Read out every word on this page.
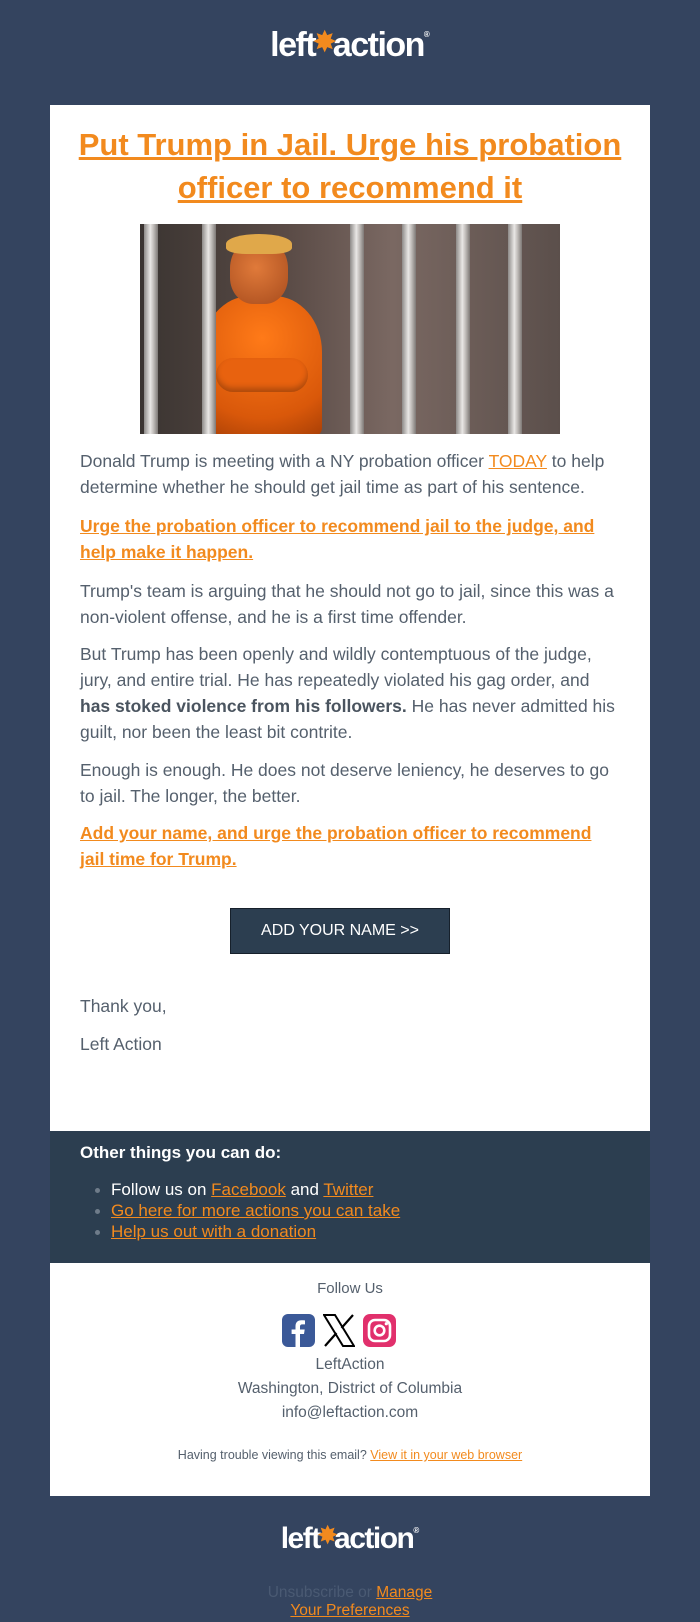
left✸action®
Put Trump in Jail. Urge his probation officer to recommend it

Donald Trump is meeting with a NY probation officer TODAY to help determine whether he should get jail time as part of his sentence.

Urge the probation officer to recommend jail to the judge, and help make it happen.

Trump's team is arguing that he should not go to jail, since this was a non-violent offense, and he is a first time offender.

But Trump has been openly and wildly contemptuous of the judge, jury, and entire trial. He has repeatedly violated his gag order, and has stoked violence from his followers. He has never admitted his guilt, nor been the least bit contrite.

Enough is enough. He does not deserve leniency, he deserves to go to jail. The longer, the better.

Add your name, and urge the probation officer to recommend jail time for Trump.
ADD YOUR NAME >>

Thank you,

Left Action

Other things you can do:
Follow us on Facebook and Twitter
Go here for more actions you can take
Help us out with a donation
Follow Us
LeftAction
Washington, District of Columbia
info@leftaction.com
Having trouble viewing this email? View it in your web browser
left✸action®
Unsubscribe or Manage
Your Preferences
